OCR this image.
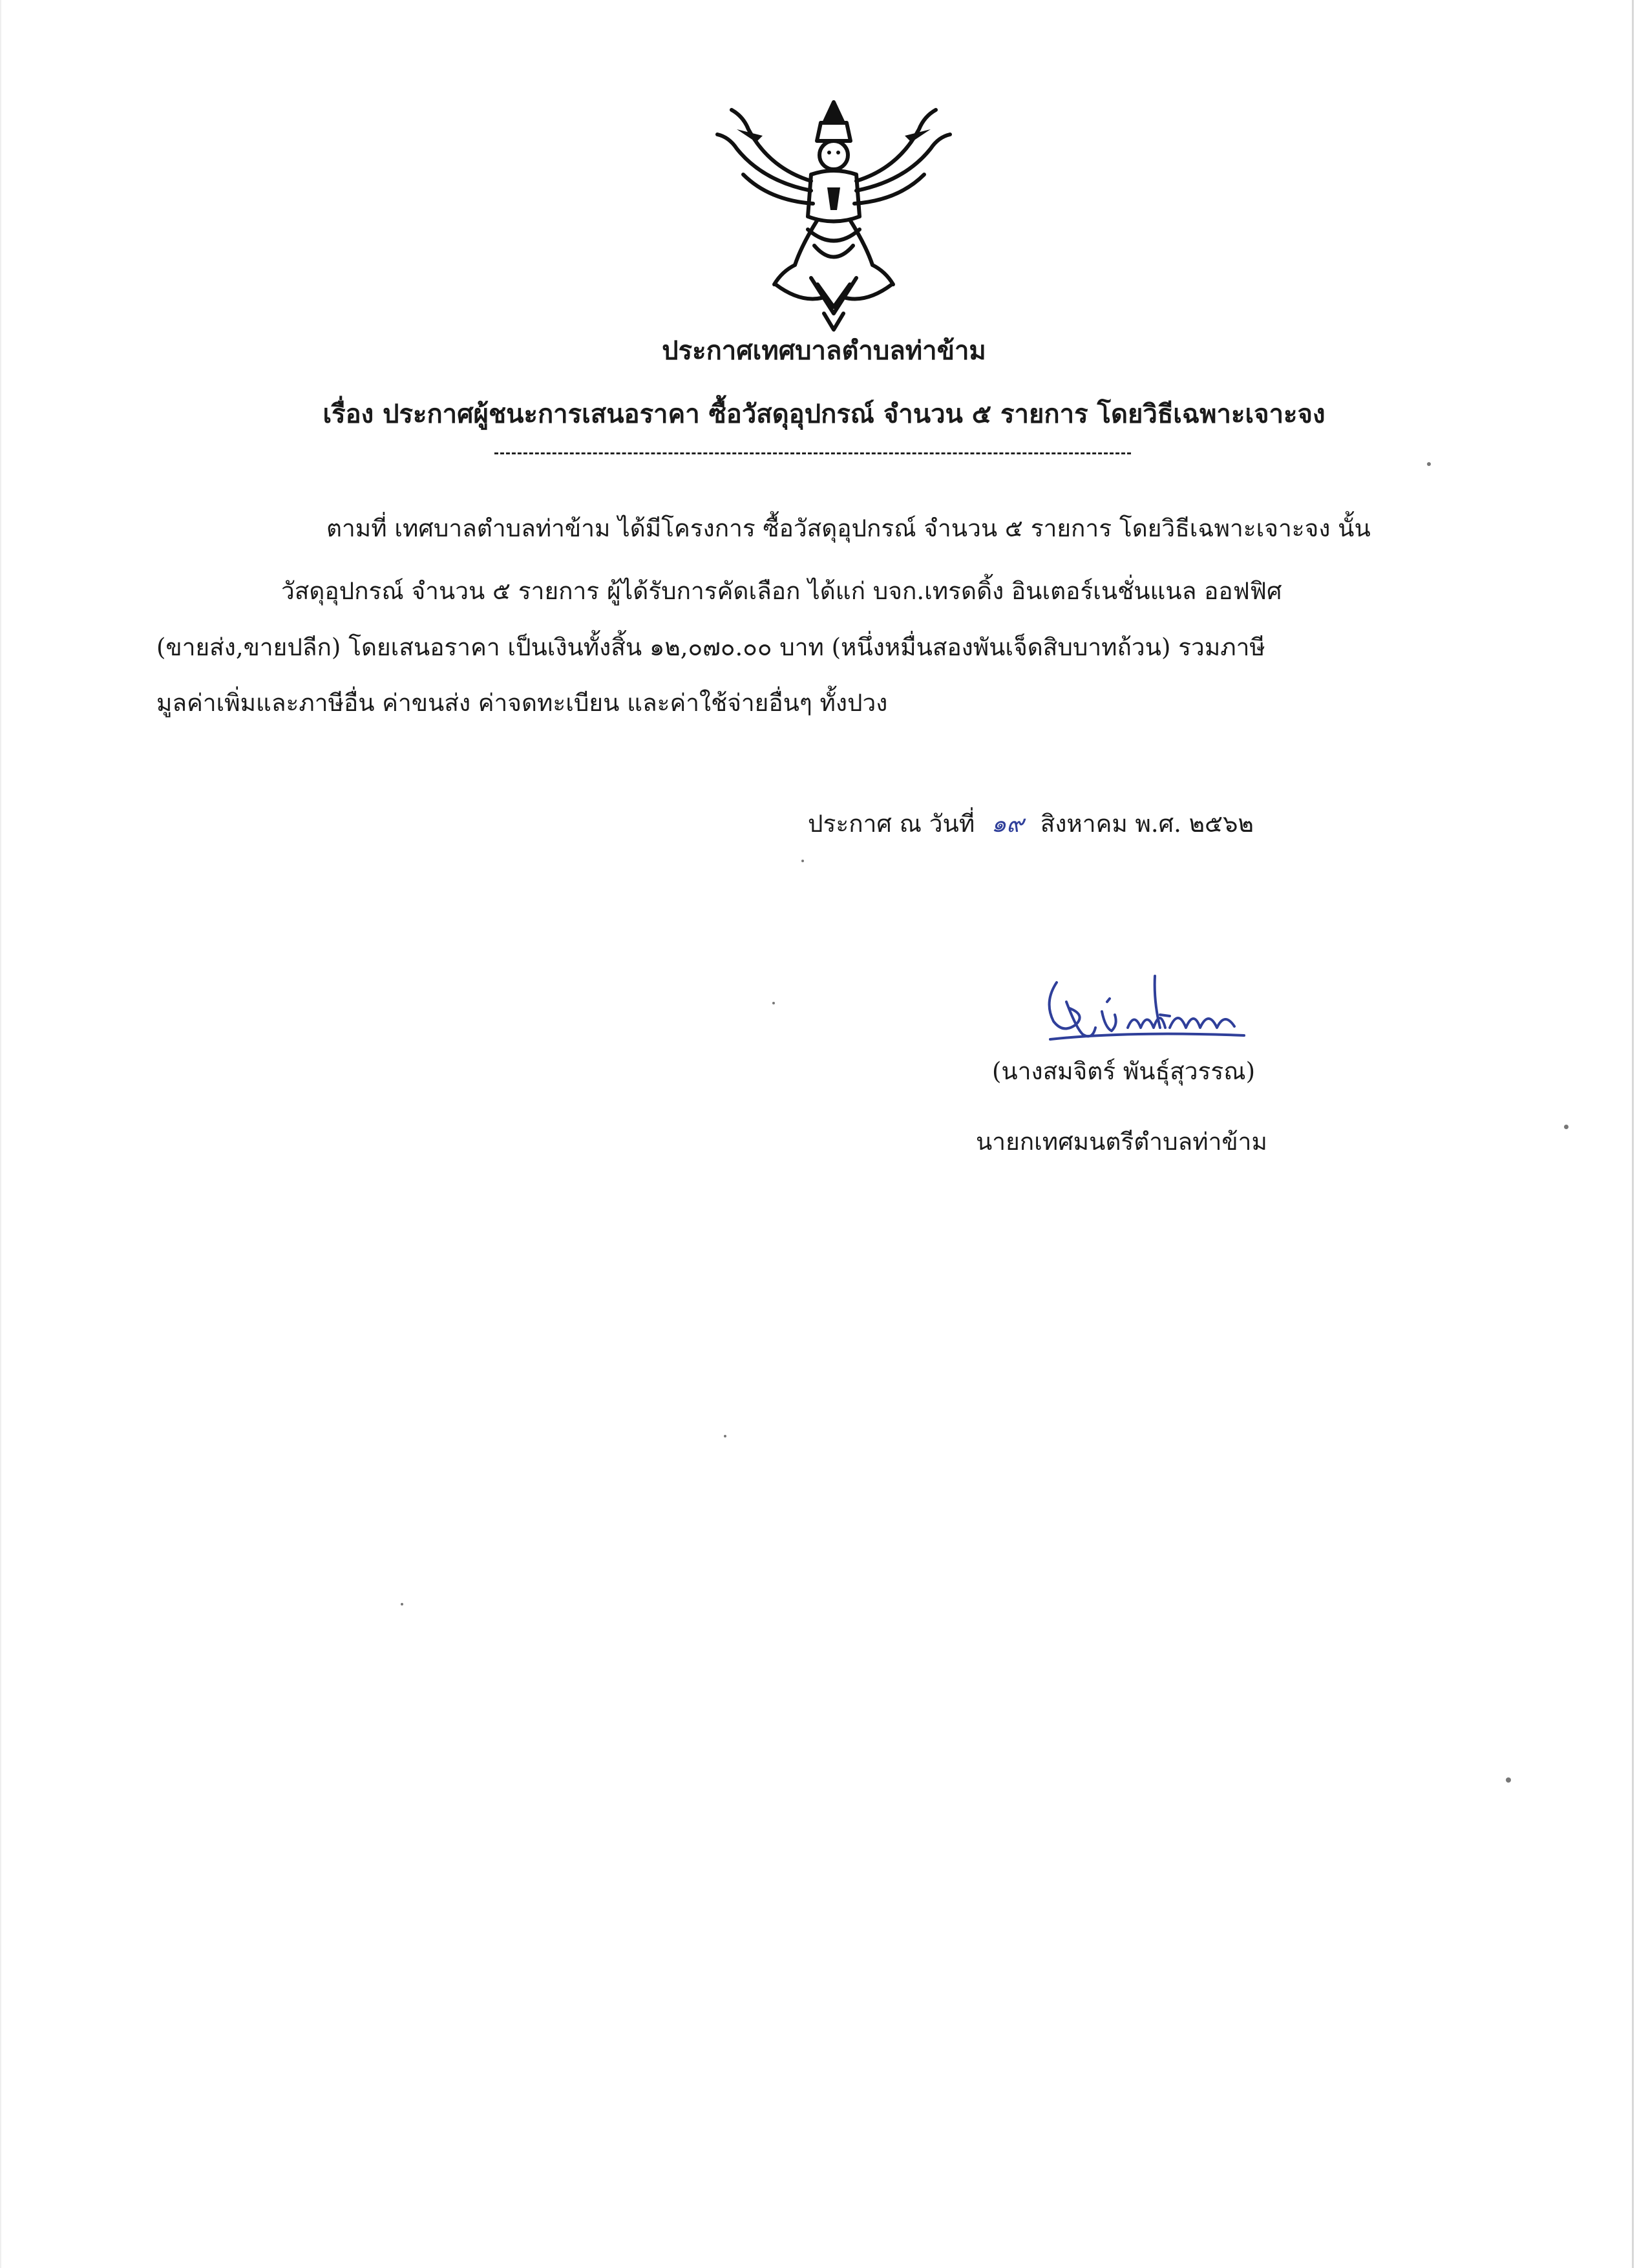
ประกาศเทศบาลตำบลท่าข้าม
เรื่อง ประกาศผู้ชนะการเสนอราคา ซื้อวัสดุอุปกรณ์ จำนวน ๕ รายการ โดยวิธีเฉพาะเจาะจง
ตามที่ เทศบาลตำบลท่าข้าม ได้มีโครงการ ซื้อวัสดุอุปกรณ์ จำนวน ๕ รายการ โดยวิธีเฉพาะเจาะจง นั้น
วัสดุอุปกรณ์ จำนวน ๕ รายการ ผู้ได้รับการคัดเลือก ได้แก่ บจก.เทรดดิ้ง อินเตอร์เนชั่นแนล ออฟฟิศ
(ขายส่ง,ขายปลีก) โดยเสนอราคา เป็นเงินทั้งสิ้น ๑๒,๐๗๐.๐๐ บาท (หนึ่งหมื่นสองพันเจ็ดสิบบาทถ้วน) รวมภาษี
มูลค่าเพิ่มและภาษีอื่น ค่าขนส่ง ค่าจดทะเบียน และค่าใช้จ่ายอื่นๆ ทั้งปวง
ประกาศ ณ วันที่ ๑๙ สิงหาคม พ.ศ. ๒๕๖๒
(นางสมจิตร์ พันธุ์สุวรรณ)
นายกเทศมนตรีตำบลท่าข้าม
